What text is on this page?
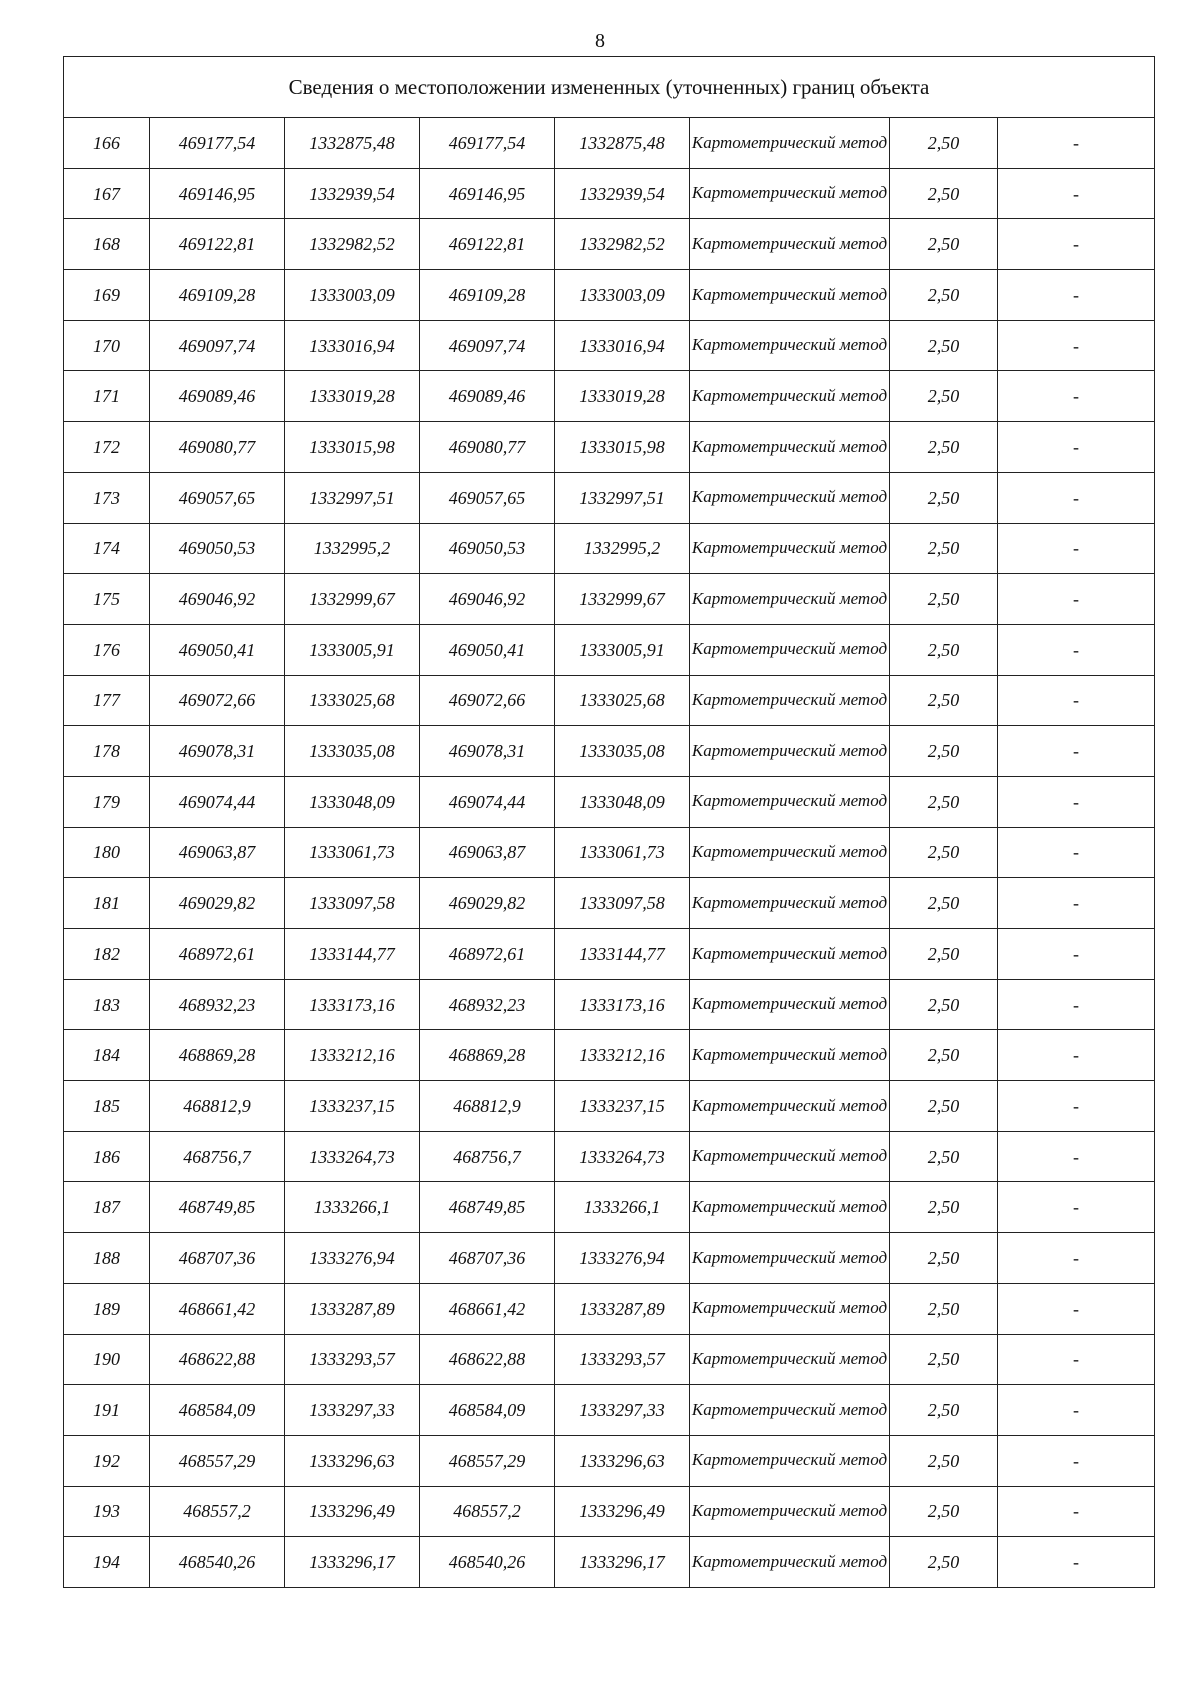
8
Сведения о местоположении измененных (уточненных) границ объекта							
166	469177,54	1332875,48	469177,54	1332875,48	Картометрический метод	2,50	-
167	469146,95	1332939,54	469146,95	1332939,54	Картометрический метод	2,50	-
168	469122,81	1332982,52	469122,81	1332982,52	Картометрический метод	2,50	-
169	469109,28	1333003,09	469109,28	1333003,09	Картометрический метод	2,50	-
170	469097,74	1333016,94	469097,74	1333016,94	Картометрический метод	2,50	-
171	469089,46	1333019,28	469089,46	1333019,28	Картометрический метод	2,50	-
172	469080,77	1333015,98	469080,77	1333015,98	Картометрический метод	2,50	-
173	469057,65	1332997,51	469057,65	1332997,51	Картометрический метод	2,50	-
174	469050,53	1332995,2	469050,53	1332995,2	Картометрический метод	2,50	-
175	469046,92	1332999,67	469046,92	1332999,67	Картометрический метод	2,50	-
176	469050,41	1333005,91	469050,41	1333005,91	Картометрический метод	2,50	-
177	469072,66	1333025,68	469072,66	1333025,68	Картометрический метод	2,50	-
178	469078,31	1333035,08	469078,31	1333035,08	Картометрический метод	2,50	-
179	469074,44	1333048,09	469074,44	1333048,09	Картометрический метод	2,50	-
180	469063,87	1333061,73	469063,87	1333061,73	Картометрический метод	2,50	-
181	469029,82	1333097,58	469029,82	1333097,58	Картометрический метод	2,50	-
182	468972,61	1333144,77	468972,61	1333144,77	Картометрический метод	2,50	-
183	468932,23	1333173,16	468932,23	1333173,16	Картометрический метод	2,50	-
184	468869,28	1333212,16	468869,28	1333212,16	Картометрический метод	2,50	-
185	468812,9	1333237,15	468812,9	1333237,15	Картометрический метод	2,50	-
186	468756,7	1333264,73	468756,7	1333264,73	Картометрический метод	2,50	-
187	468749,85	1333266,1	468749,85	1333266,1	Картометрический метод	2,50	-
188	468707,36	1333276,94	468707,36	1333276,94	Картометрический метод	2,50	-
189	468661,42	1333287,89	468661,42	1333287,89	Картометрический метод	2,50	-
190	468622,88	1333293,57	468622,88	1333293,57	Картометрический метод	2,50	-
191	468584,09	1333297,33	468584,09	1333297,33	Картометрический метод	2,50	-
192	468557,29	1333296,63	468557,29	1333296,63	Картометрический метод	2,50	-
193	468557,2	1333296,49	468557,2	1333296,49	Картометрический метод	2,50	-
194	468540,26	1333296,17	468540,26	1333296,17	Картометрический метод	2,50	-
